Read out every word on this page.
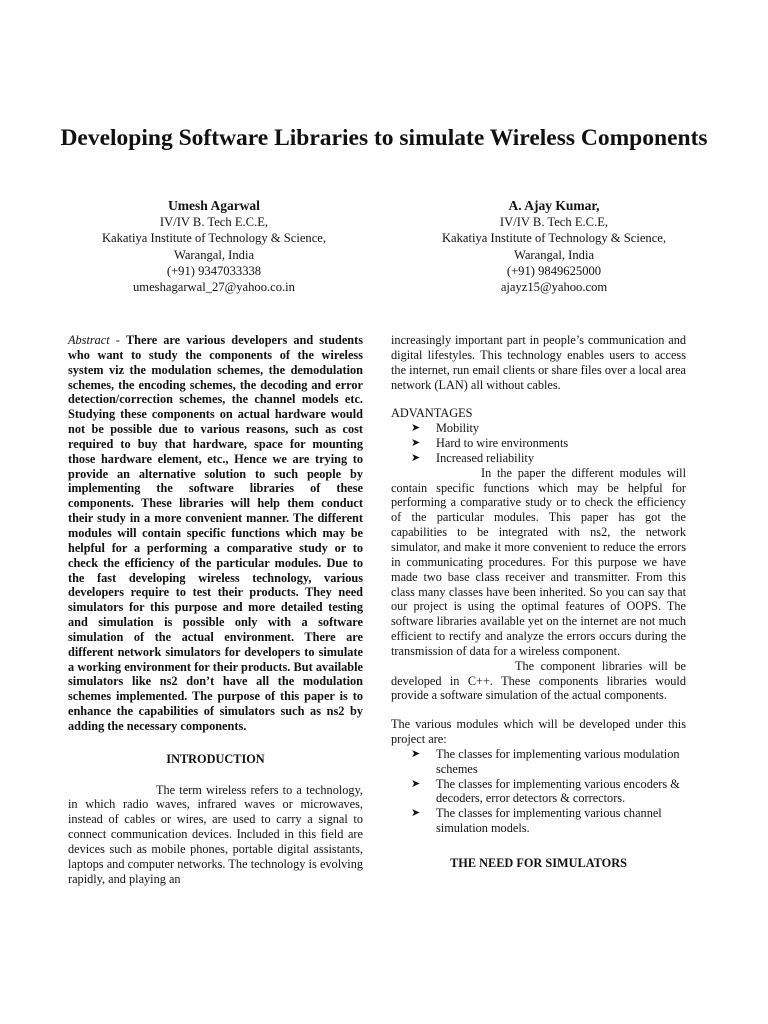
Developing Software Libraries to simulate Wireless Components
Umesh Agarwal
IV/IV B. Tech E.C.E,
Kakatiya Institute of Technology & Science,
Warangal, India
(+91) 9347033338
umeshagarwal_27@yahoo.co.in
A. Ajay Kumar,
IV/IV B. Tech E.C.E,
Kakatiya Institute of Technology & Science,
Warangal, India
(+91) 9849625000
ajayz15@yahoo.com

Abstract - There are various developers and students who want to study the components of the wireless system viz the modulation schemes, the demodulation schemes, the encoding schemes, the decoding and error detection/correction schemes, the channel models etc. Studying these components on actual hardware would not be possible due to various reasons, such as cost required to buy that hardware, space for mounting those hardware element, etc., Hence we are trying to provide an alternative solution to such people by implementing the software libraries of these components. These libraries will help them conduct their study in a more convenient manner. The different modules will contain specific functions which may be helpful for a performing a comparative study or to check the efficiency of the particular modules. Due to the fast developing wireless technology, various developers require to test their products. They need simulators for this purpose and more detailed testing and simulation is possible only with a software simulation of the actual environment. There are different network simulators for developers to simulate a working environment for their products. But available simulators like ns2 don’t have all the modulation schemes implemented. The purpose of this paper is to enhance the capabilities of simulators such as ns2 by adding the necessary components.

INTRODUCTION

The term wireless refers to a technology, in which radio waves, infrared waves or microwaves, instead of cables or wires, are used to carry a signal to connect communication devices. Included in this field are devices such as mobile phones, portable digital assistants, laptops and computer networks. The technology is evolving rapidly, and playing an

increasingly important part in people’s communication and digital lifestyles. This technology enables users to access the internet, run email clients or share files over a local area network (LAN) all without cables.

ADVANTAGES

➤ Mobility
➤ Hard to wire environments
➤ Increased reliability

In the paper the different modules will contain specific functions which may be helpful for performing a comparative study or to check the efficiency of the particular modules. This paper has got the capabilities to be integrated with ns2, the network simulator, and make it more convenient to reduce the errors in communicating procedures. For this purpose we have made two base class receiver and transmitter. From this class many classes have been inherited. So you can say that our project is using the optimal features of OOPS. The software libraries available yet on the internet are not much efficient to rectify and analyze the errors occurs during the transmission of data for a wireless component.

The component libraries will be developed in C++. These components libraries would provide a software simulation of the actual components.

The various modules which will be developed under this project are:

➤ The classes for implementing various modulation schemes
➤ The classes for implementing various encoders & decoders, error detectors & correctors.
➤ The classes for implementing various channel simulation models.
THE NEED FOR SIMULATORS
